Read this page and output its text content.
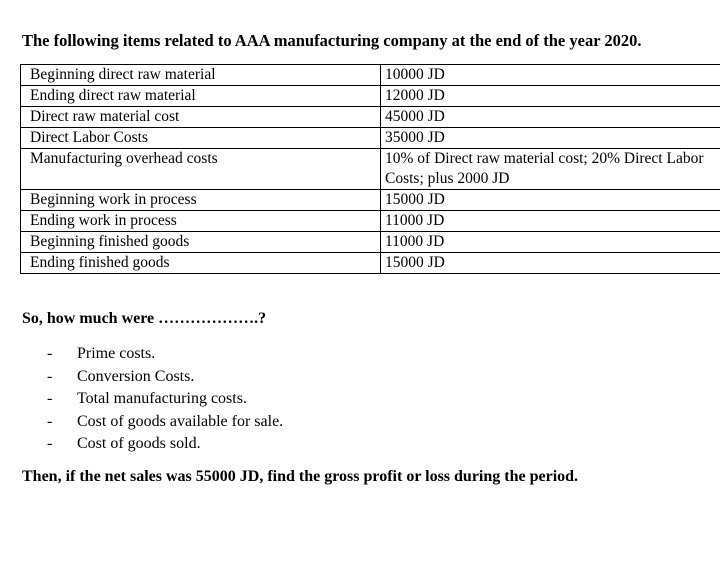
The following items related to AAA manufacturing company at the end of the year 2020.
Beginning direct raw material	10000 JD
Ending direct raw material	12000 JD
Direct raw material cost	45000 JD
Direct Labor Costs	35000 JD
Manufacturing overhead costs	10% of Direct raw material cost; 20% Direct Labor Costs; plus 2000 JD
Beginning work in process	15000 JD
Ending work in process	11000 JD
Beginning finished goods	11000 JD
Ending finished goods	15000 JD
So, how much were ……………….?
- Prime costs.
- Conversion Costs.
- Total manufacturing costs.
- Cost of goods available for sale.
- Cost of goods sold.
Then, if the net sales was 55000 JD, find the gross profit or loss during the period.
